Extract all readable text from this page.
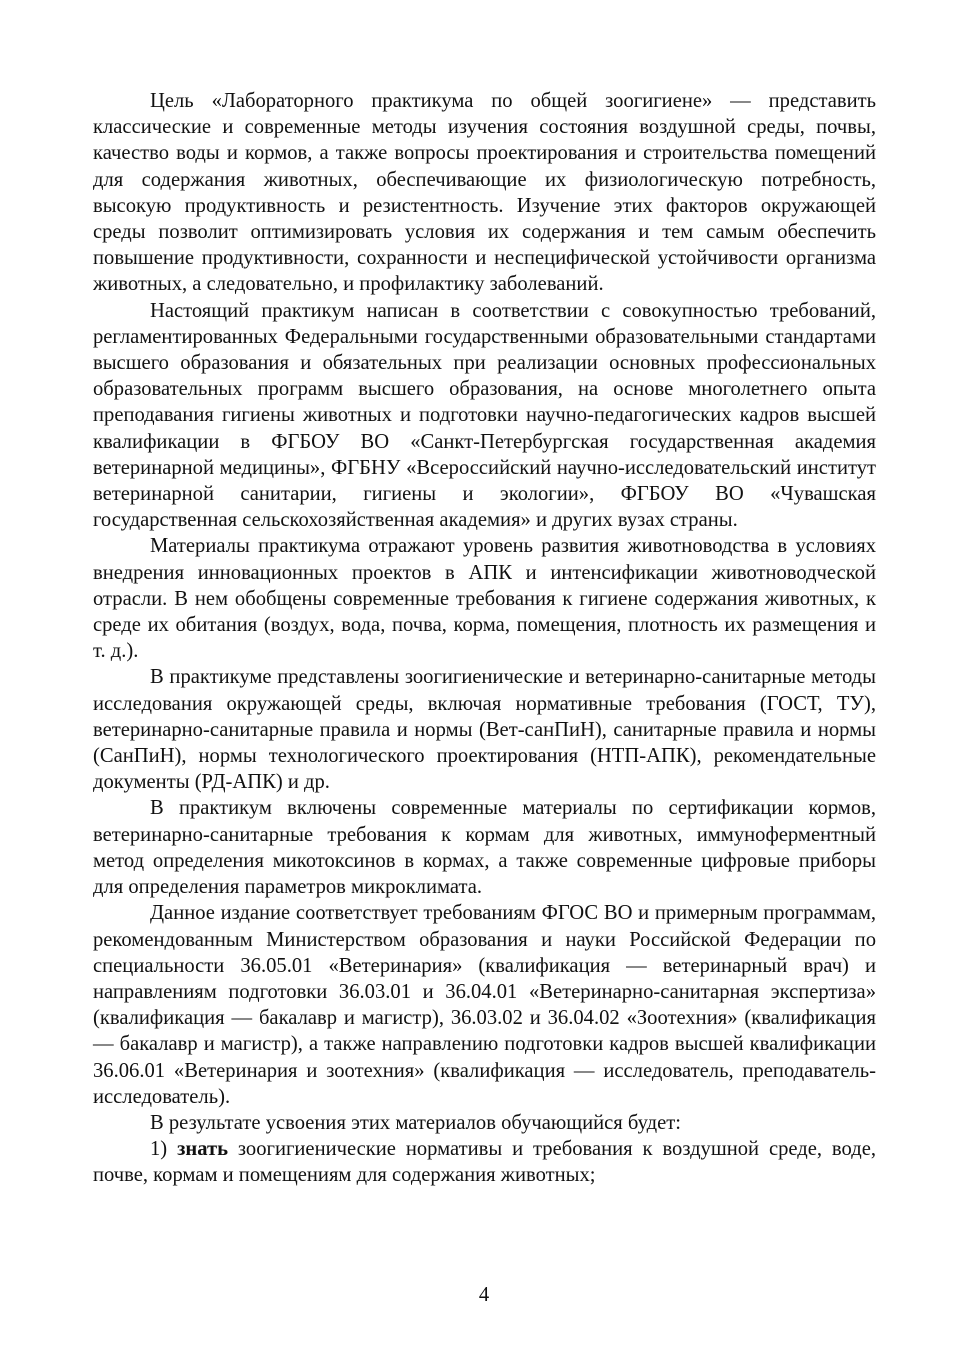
Цель «Лабораторного практикума по общей зоогигиене» — представить классические и современные методы изучения состояния воздушной среды, почвы, качество воды и кормов, а также вопросы проектирования и строительства помещений для содержания животных, обеспечивающие их физиологическую потребность, высокую продуктивность и резистентность. Изучение этих факторов окружающей среды позволит оптимизировать условия их содержания и тем самым обеспечить повышение продуктивности, сохранности и неспецифической устойчивости организма животных, а следовательно, и профилактику заболеваний.

Настоящий практикум написан в соответствии с совокупностью требований, регламентированных Федеральными государственными образовательными стандартами высшего образования и обязательных при реализации основных профессиональных образовательных программ высшего образования, на основе многолетнего опыта преподавания гигиены животных и подготовки научно-педагогических кадров высшей квалификации в ФГБОУ ВО «Санкт-Петербургская государственная академия ветеринарной медицины», ФГБНУ «Всероссийский научно-исследовательский институт ветеринарной санитарии, гигиены и экологии», ФГБОУ ВО «Чувашская государственная сельскохозяйственная академия» и других вузах страны.

Материалы практикума отражают уровень развития животноводства в условиях внедрения инновационных проектов в АПК и интенсификации животноводческой отрасли. В нем обобщены современные требования к гигиене содержания животных, к среде их обитания (воздух, вода, почва, корма, помещения, плотность их размещения и т. д.).

В практикуме представлены зоогигиенические и ветеринарно-санитарные методы исследования окружающей среды, включая нормативные требования (ГОСТ, ТУ), ветеринарно-санитарные правила и нормы (Вет-санПиН), санитарные правила и нормы (СанПиН), нормы технологического проектирования (НТП-АПК), рекомендательные документы (РД-АПК) и др.

В практикум включены современные материалы по сертификации кормов, ветеринарно-санитарные требования к кормам для животных, иммуноферментный метод определения микотоксинов в кормах, а также современные цифровые приборы для определения параметров микроклимата.

Данное издание соответствует требованиям ФГОС ВО и примерным программам, рекомендованным Министерством образования и науки Российской Федерации по специальности 36.05.01 «Ветеринария» (квалификация — ветеринарный врач) и направлениям подготовки 36.03.01 и 36.04.01 «Ветеринарно-санитарная экспертиза» (квалификация — бакалавр и магистр), 36.03.02 и 36.04.02 «Зоотехния» (квалификация — бакалавр и магистр), а также направлению подготовки кадров высшей квалификации 36.06.01 «Ветеринария и зоотехния» (квалификация — исследователь, преподаватель-исследователь).

В результате усвоения этих материалов обучающийся будет:

1) знать зоогигиенические нормативы и требования к воздушной среде, воде, почве, кормам и помещениям для содержания животных;

4
